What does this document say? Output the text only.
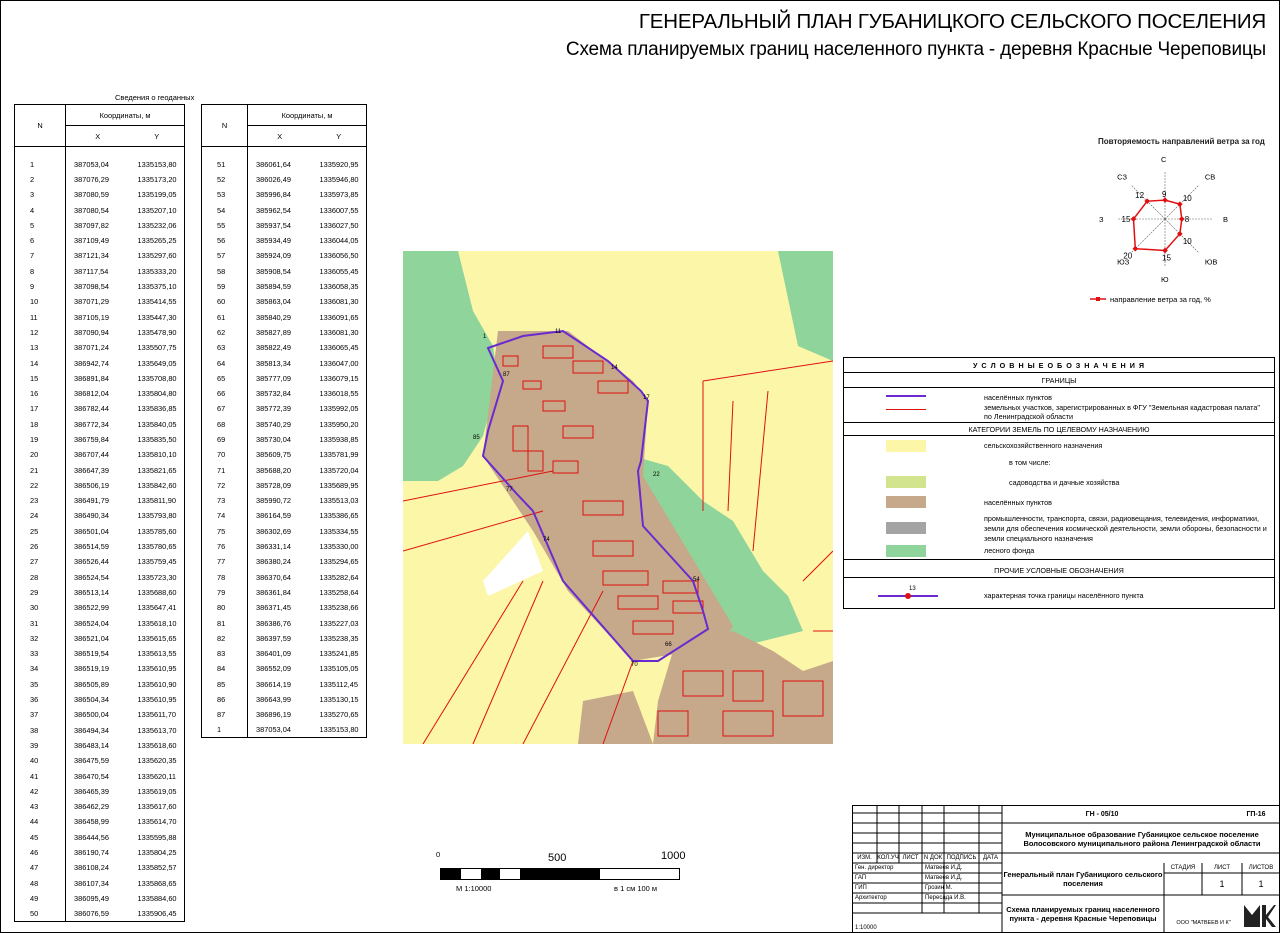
ГЕНЕРАЛЬНЫЙ ПЛАН ГУБАНИЦКОГО СЕЛЬСКОГО ПОСЕЛЕНИЯ
Схема планируемых границ населенного пункта - деревня Красные Череповицы
Сведения о геоданных
N	Координаты, м	
	X	Y

1	387053,04	1335153,80
2	387076,29	1335173,20
3	387080,59	1335199,05
4	387080,54	1335207,10
5	387097,82	1335232,06
6	387109,49	1335265,25
7	387121,34	1335297,60
8	387117,54	1335333,20
9	387098,54	1335375,10
10	387071,29	1335414,55
11	387105,19	1335447,30
12	387090,94	1335478,90
13	387071,24	1335507,75
14	386942,74	1335649,05
15	386891,84	1335708,80
16	386812,04	1335804,80
17	386782,44	1335836,85
18	386772,34	1335840,05
19	386759,84	1335835,50
20	386707,44	1335810,10
21	386647,39	1335821,65
22	386506,19	1335842,60
23	386491,79	1335811,90
24	386490,34	1335793,80
25	386501,04	1335785,60
26	386514,59	1335780,65
27	386526,44	1335759,45
28	386524,54	1335723,30
29	386513,14	1335688,60
30	386522,99	1335647,41
31	386524,04	1335618,10
32	386521,04	1335615,65
33	386519,54	1335613,55
34	386519,19	1335610,95
35	386505,89	1335610,90
36	386504,34	1335610,95
37	386500,04	1335611,70
38	386494,34	1335613,70
39	386483,14	1335618,60
40	386475,59	1335620,35
41	386470,54	1335620,11
42	386465,39	1335619,05
43	386462,29	1335617,60
44	386458,99	1335614,70
45	386444,56	1335595,88
46	386190,74	1335804,25
47	386108,24	1335852,57
48	386107,34	1335868,65
49	386095,49	1335884,60
50	386076,59	1335906,45
N	Координаты, м	
	X	Y

51	386061,64	1335920,95
52	386026,49	1335946,80
53	385996,84	1335973,85
54	385962,54	1336007,55
55	385937,54	1336027,50
56	385934,49	1336044,05
57	385924,09	1336056,50
58	385908,54	1336055,45
59	385894,59	1336058,35
60	385863,04	1336081,30
61	385840,29	1336091,65
62	385827,89	1336081,30
63	385822,49	1336065,45
64	385813,34	1336047,00
65	385777,09	1336079,15
66	385732,84	1336018,55
67	385772,39	1335992,05
68	385740,29	1335950,20
69	385730,04	1335938,85
70	385609,75	1335781,99
71	385688,20	1335720,04
72	385728,09	1335689,95
73	385990,72	1335513,03
74	386164,59	1335386,65
75	386302,69	1335334,55
76	386331,14	1335330,00
77	386380,24	1335294,65
78	386370,64	1335282,64
79	386361,84	1335258,64
80	386371,45	1335238,66
81	386386,76	1335227,03
82	386397,59	1335238,35
83	386401,09	1335241,85
84	386552,09	1335105,05
85	386614,19	1335112,45
86	386643,99	1335130,15
87	386896,19	1335270,65
1	387053,04	1335153,80
11
14
17
22
54
66
70
74
77
85
87
1
Повторяемость направлений ветра за год
9
С
10
СВ
8	В
10
ЮВ
15
Ю
20
ЮЗ
15
З
12
СЗ
направление ветра за год, %
У С Л О В Н Ы Е О Б О З Н А Ч Е Н И Я
ГРАНИЦЫ
населённых пунктов
земельных участков, зарегистрированных в ФГУ "Земельная кадастровая палата" по Ленинградской области
КАТЕГОРИИ ЗЕМЕЛЬ ПО ЦЕЛЕВОМУ НАЗНАЧЕНИЮ
сельскохозяйственного назначения
в том числе:
садоводства и дачные хозяйства
населённых пунктов
промышленности, транспорта, связи, радиовещания, телевидения, информатики, земли для обеспечения космической деятельности, земли обороны, безопасности и земли специального назначения
лесного фонда
ПРОЧИЕ УСЛОВНЫЕ ОБОЗНАЧЕНИЯ
13
характерная точка границы населённого пункта
0	500	1000
М 1:10000	в 1 см 100 м
ГН - 05/10	ГП-16
Муниципальное образование Губаницкое сельское поселение Волосовского муниципального района Ленинградской области
ИЗМ. КОЛ.УЧ ЛИСТ N ДОК ПОДПИСЬ	ДАТА
Ген. директор	Матвеев И.Д.
ГАП	Матвеев И.Д.
ГИП	Грозин М.
Архитектор	Пересада И.В.
1:10000
Генеральный план Губаницкого сельского поселения
СТАДИЯ	ЛИСТ	ЛИСТОВ
1	1
Схема планируемых границ населенного пункта - деревня Красные Череповицы	ООО "МАТВЕЕВ И К"
